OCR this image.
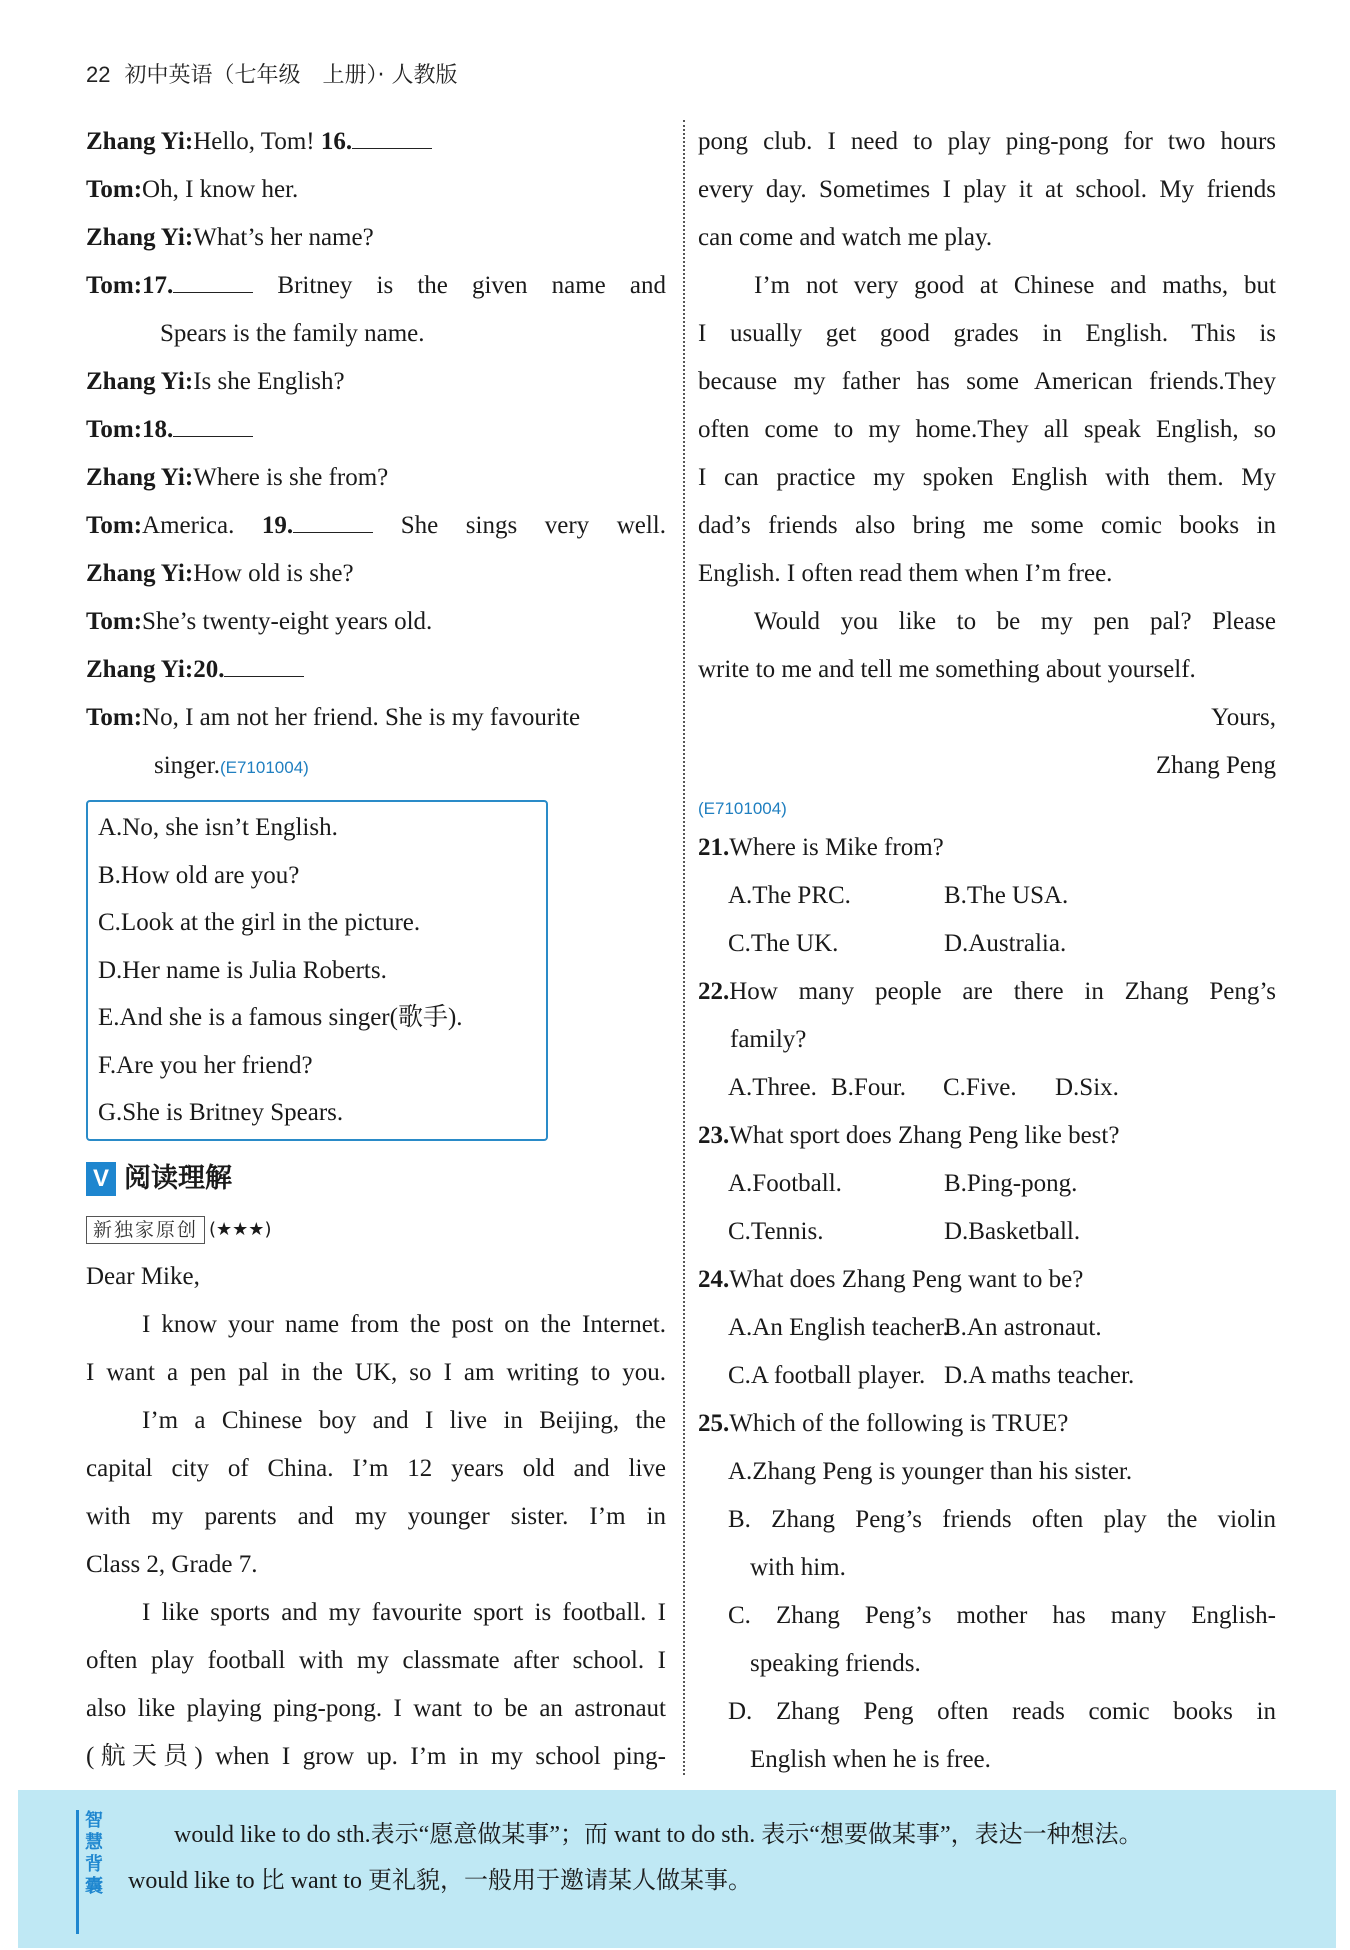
22 初中英语（七年级　上册）· 人教版
Zhang Yi:Hello, Tom! 16.
Tom:Oh, I know her.
Zhang Yi:What’s her name?
Tom:17.	Britney is the given name and
Spears is the family name.
Zhang Yi:Is she English?
Tom:18.
Zhang Yi:Where is she from?
Tom:America. 19.	She sings very well.
Zhang Yi:How old is she?
Tom:She’s twenty-eight years old.
Zhang Yi:20.
Tom:No, I am not her friend. She is my favourite
singer.(E7101004)
A.No, she isn’t English.
B.How old are you?
C.Look at the girl in the picture.
D.Her name is Julia Roberts.
E.And she is a famous singer(歌手).
F.Are you her friend?
G.She is Britney Spears.
V 阅读理解
新独家原创 (★★★)
Dear Mike,
I know your name from the post on the Internet.
I want a pen pal in the UK, so I am writing to you.
I’m a Chinese boy and I live in Beijing, the
capital city of China. I’m 12 years old and live
with my parents and my younger sister. I’m in
Class 2, Grade 7.
I like sports and my favourite sport is football. I
often play football with my classmate after school. I
also like playing ping-pong. I want to be an astronaut
(航天员) when I grow up. I’m in my school ping-
pong club. I need to play ping-pong for two hours
every day. Sometimes I play it at school. My friends
can come and watch me play.
I’m not very good at Chinese and maths, but
I usually get good grades in English. This is
because my father has some American friends.They
often come to my home.They all speak English, so
I can practice my spoken English with them. My
dad’s friends also bring me some comic books in
English. I often read them when I’m free.
Would you like to be my pen pal? Please
write to me and tell me something about yourself.
Yours,
Zhang Peng
(E7101004)
21.Where is Mike from?
A.The PRC.	B.The USA.
C.The UK.	D.Australia.
22.How many people are there in Zhang Peng’s
family?
A.Three. B.Four.	C.Five.	D.Six.
23.What sport does Zhang Peng like best?
A.Football.	B.Ping-pong.
C.Tennis.	D.Basketball.
24.What does Zhang Peng want to be?
A.An English teacher.
B.An astronaut.
C.A football player. D.A maths teacher.
25.Which of the following is TRUE?
A.Zhang Peng is younger than his sister.
B. Zhang Peng’s friends often play the violin
with him.
C. Zhang Peng’s mother has many English-
speaking friends.
D. Zhang Peng often reads comic books in
English when he is free.
智慧背囊
would like to do sth.表示“愿意做某事”；而 want to do sth. 表示“想要做某事”，表达一种想法。
would like to 比 want to 更礼貌，一般用于邀请某人做某事。
